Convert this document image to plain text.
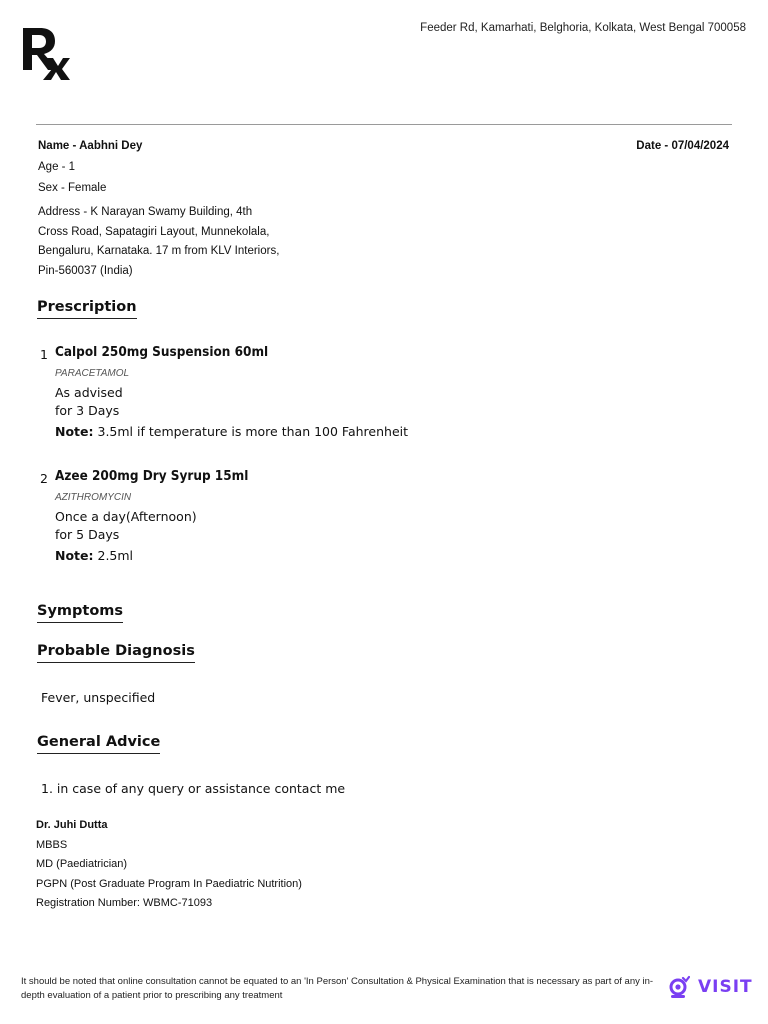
Feeder Rd, Kamarhati, Belghoria, Kolkata, West Bengal 700058
Name - Aabhni Dey	Date - 07/04/2024
Age - 1
Sex - Female
Address - K Narayan Swamy Building, 4th Cross Road, Sapatagiri Layout, Munnekolala, Bengaluru, Karnataka. 17 m from KLV Interiors, Pin-560037 (India)
Prescription
1 Calpol 250mg Suspension 60ml
PARACETAMOL
As advised
for 3 Days
Note: 3.5ml if temperature is more than 100 Fahrenheit
2 Azee 200mg Dry Syrup 15ml
AZITHROMYCIN
Once a day(Afternoon)
for 5 Days
Note: 2.5ml
Symptoms
Probable Diagnosis
Fever, unspecified
General Advice
1. in case of any query or assistance contact me
Dr. Juhi Dutta
MBBS
MD (Paediatrician)
PGPN (Post Graduate Program In Paediatric Nutrition)
Registration Number: WBMC-71093
It should be noted that online consultation cannot be equated to an 'In Person' Consultation & Physical Examination that is necessary as part of any in-depth evaluation of a patient prior to prescribing any treatment	VISIT
